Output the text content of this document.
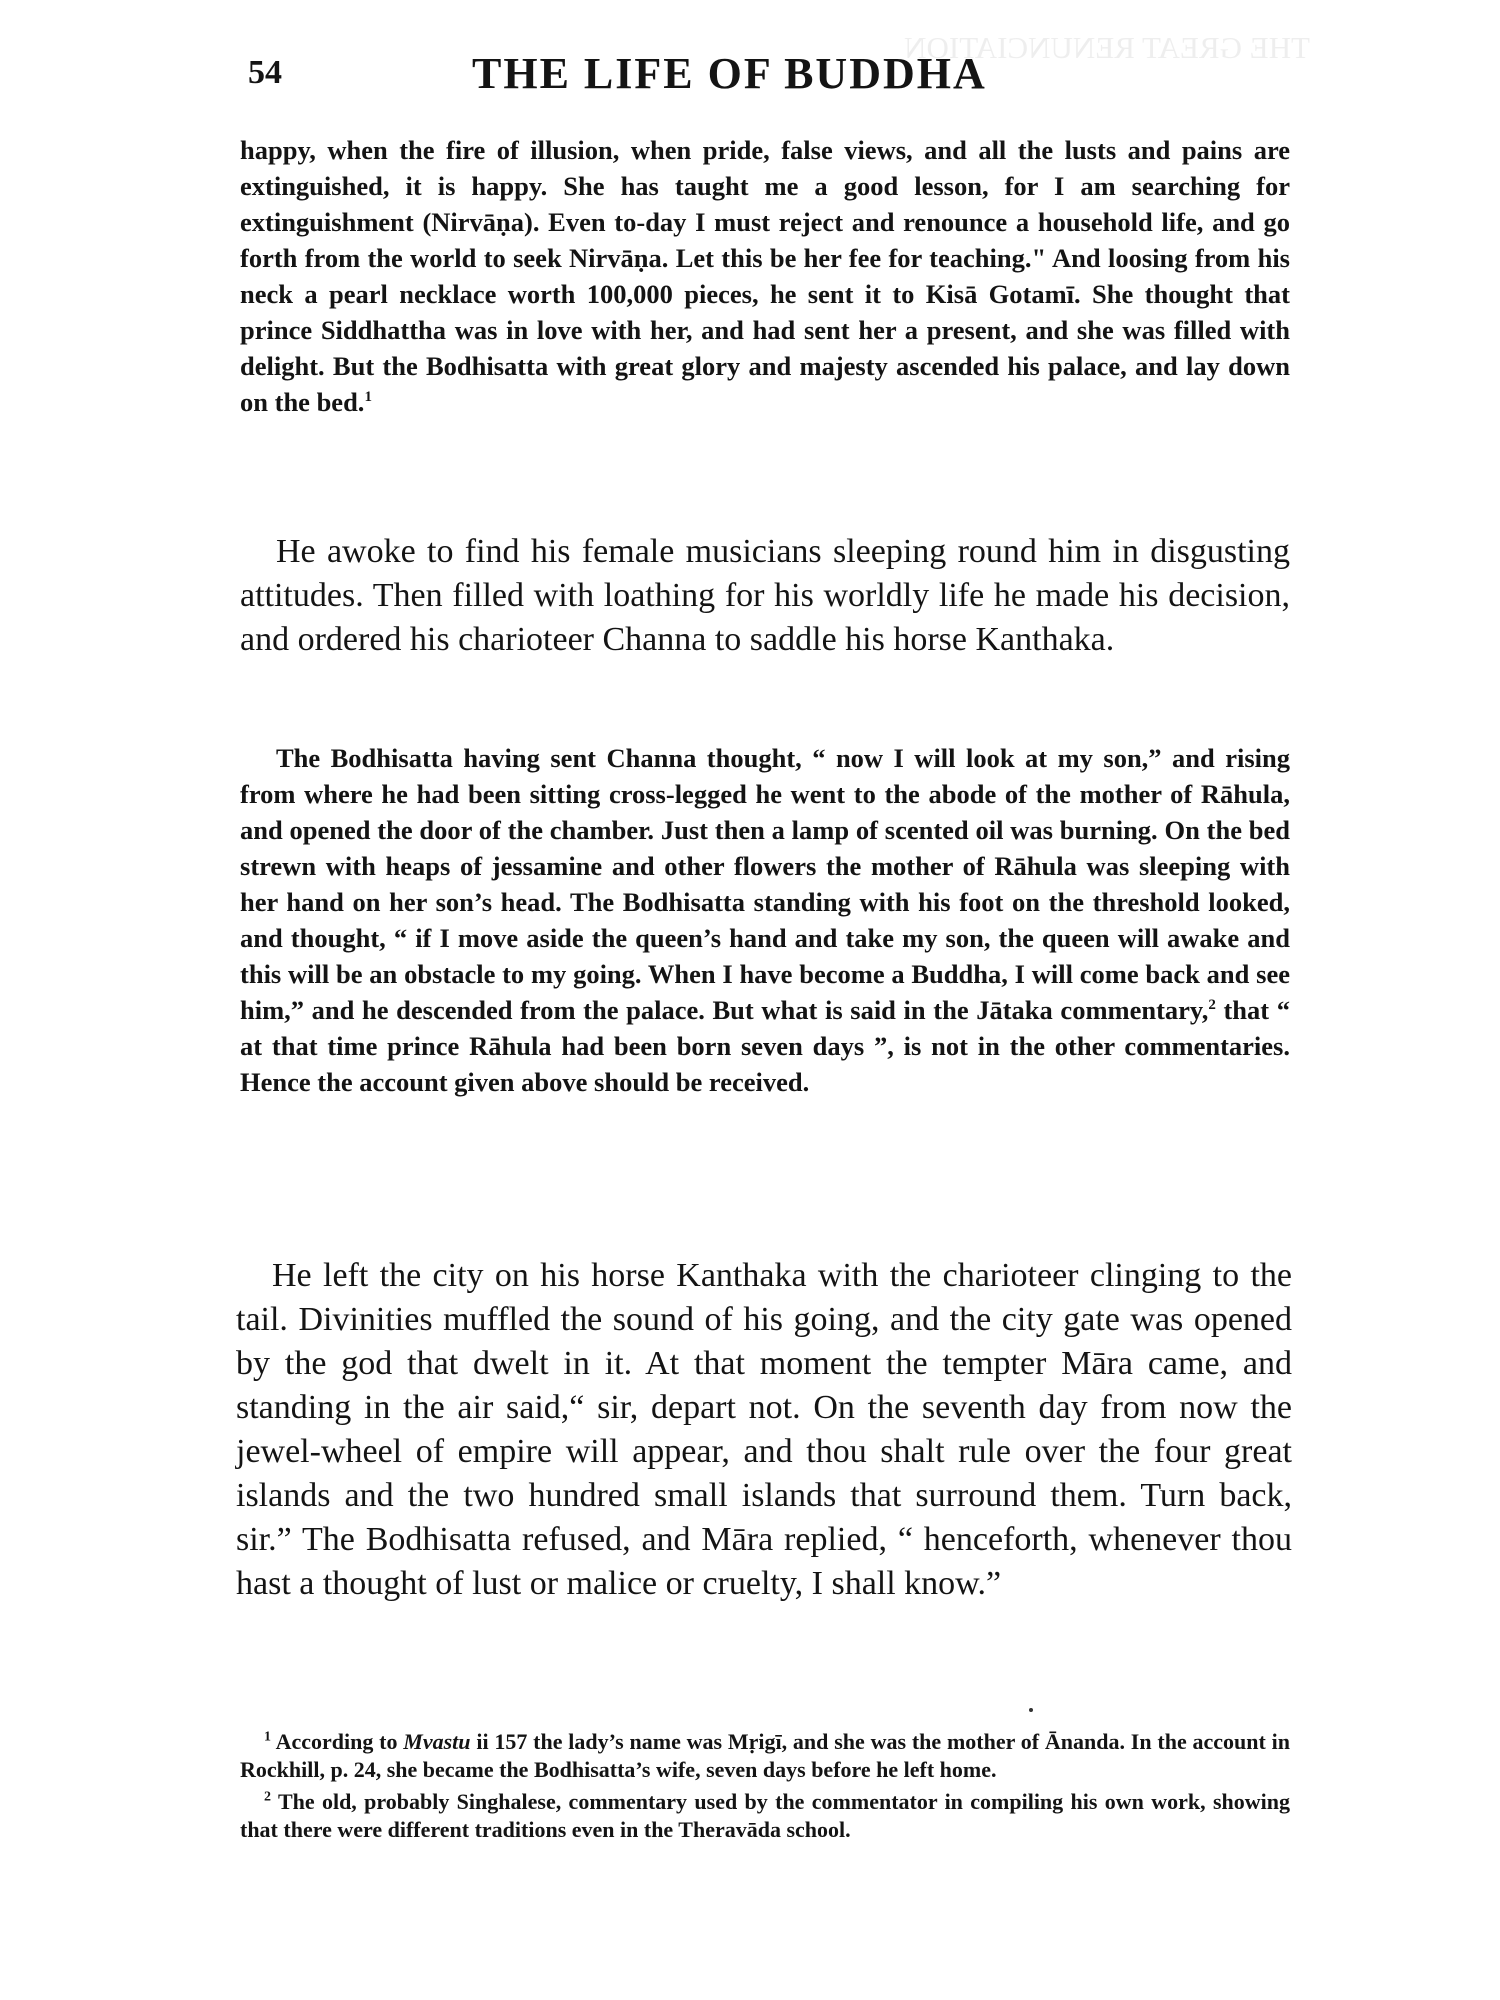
THE GREAT RENUNCIATION
54	THE LIFE OF BUDDHA

happy, when the fire of illusion, when pride, false views, and all the lusts and pains are extinguished, it is happy. She has taught me a good lesson, for I am searching for extinguishment (Nirvāṇa). Even to-day I must reject and renounce a household life, and go forth from the world to seek Nirvāṇa. Let this be her fee for teaching." And loosing from his neck a pearl necklace worth 100,000 pieces, he sent it to Kisā Gotamī. She thought that prince Siddhattha was in love with her, and had sent her a present, and she was filled with delight. But the Bodhisatta with great glory and majesty ascended his palace, and lay down on the bed.$^1$

He awoke to find his female musicians sleeping round him in disgusting attitudes. Then filled with loathing for his worldly life he made his decision, and ordered his charioteer Channa to saddle his horse Kanthaka.

The Bodhisatta having sent Channa thought, “ now I will look at my son,” and rising from where he had been sitting cross-legged he went to the abode of the mother of Rāhula, and opened the door of the chamber. Just then a lamp of scented oil was burning. On the bed strewn with heaps of jessamine and other flowers the mother of Rāhula was sleeping with her hand on her son’s head. The Bodhisatta standing with his foot on the threshold looked, and thought, “ if I move aside the queen’s hand and take my son, the queen will awake and this will be an obstacle to my going. When I have become a Buddha, I will come back and see him,” and he descended from the palace. But what is said in the Jātaka commentary,$^2$ that “ at that time prince Rāhula had been born seven days ”, is not in the other commentaries. Hence the account given above should be received.

He left the city on his horse Kanthaka with the charioteer clinging to the tail. Divinities muffled the sound of his going, and the city gate was opened by the god that dwelt in it. At that moment the tempter Māra came, and standing in the air said,“ sir, depart not. On the seventh day from now the jewel-wheel of empire will appear, and thou shalt rule over the four great islands and the two hundred small islands that surround them. Turn back, sir.” The Bodhisatta refused, and Māra replied, “ henceforth, whenever thou hast a thought of lust or malice or cruelty, I shall know.”

$^1$ According to Mvastu ii 157 the lady’s name was Mṛigī, and she was the mother of Ānanda. In the account in Rockhill, p. 24, she became the Bodhisatta’s wife, seven days before he left home.

$^2$ The old, probably Singhalese, commentary used by the commentator in compiling his own work, showing that there were different traditions even in the Theravāda school.
